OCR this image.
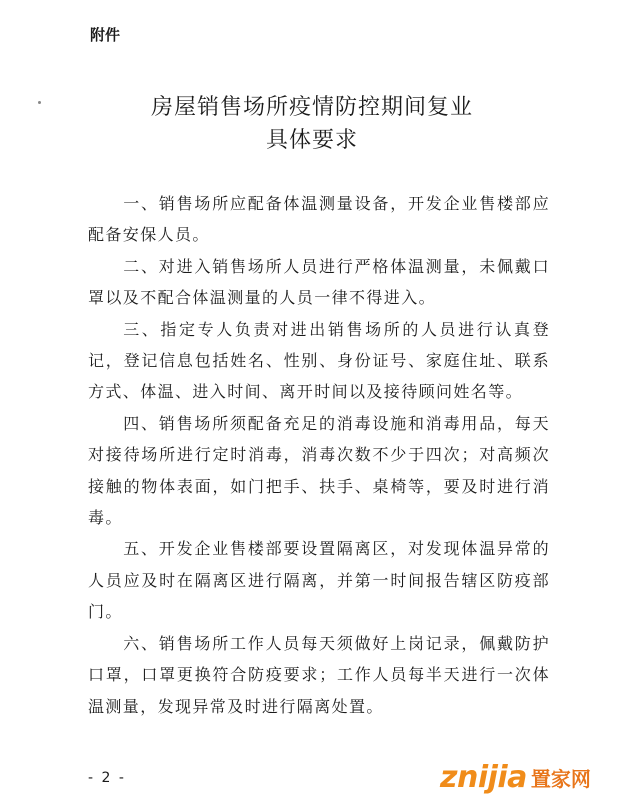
附件
房屋销售场所疫情防控期间复业
具体要求

一、销售场所应配备体温测量设备，开发企业售楼部应配备安保人员。

二、对进入销售场所人员进行严格体温测量，未佩戴口罩以及不配合体温测量的人员一律不得进入。

三、指定专人负责对进出销售场所的人员进行认真登记，登记信息包括姓名、性别、身份证号、家庭住址、联系方式、体温、进入时间、离开时间以及接待顾问姓名等。

四、销售场所须配备充足的消毒设施和消毒用品，每天对接待场所进行定时消毒，消毒次数不少于四次；对高频次接触的物体表面，如门把手、扶手、桌椅等，要及时进行消毒。

五、开发企业售楼部要设置隔离区，对发现体温异常的人员应及时在隔离区进行隔离，并第一时间报告辖区防疫部门。

六、销售场所工作人员每天须做好上岗记录，佩戴防护口罩，口罩更换符合防疫要求；工作人员每半天进行一次体温测量，发现异常及时进行隔离处置。

- 2 -	znijia 置家网
